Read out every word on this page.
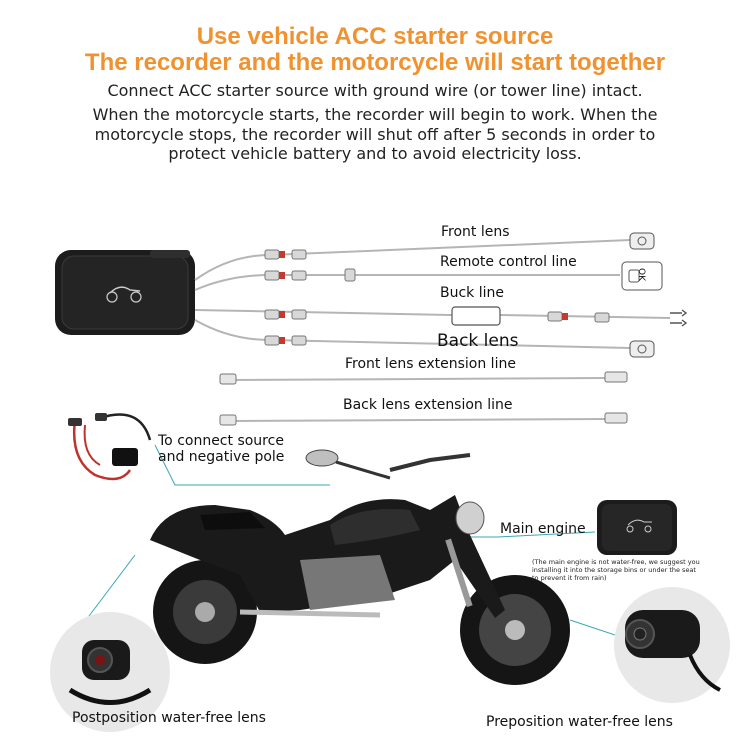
Use vehicle ACC starter source
The recorder and the motorcycle will start together
Connect ACC starter source with ground wire (or tower line) intact.
When the motorcycle starts, the recorder will begin to work. When the
motorcycle stops, the recorder will shut off after 5 seconds in order to
protect vehicle battery and to avoid electricity loss.
Front lens
Remote control line
OK
Buck line
Back lens
Front lens extension line
Back lens extension line
To connect source
and negative pole
Main engine
(The main engine is not water-free, we suggest you installing it into the storage bins or under the seat to prevent it from rain)
Postposition water-free lens	Preposition water-free lens
